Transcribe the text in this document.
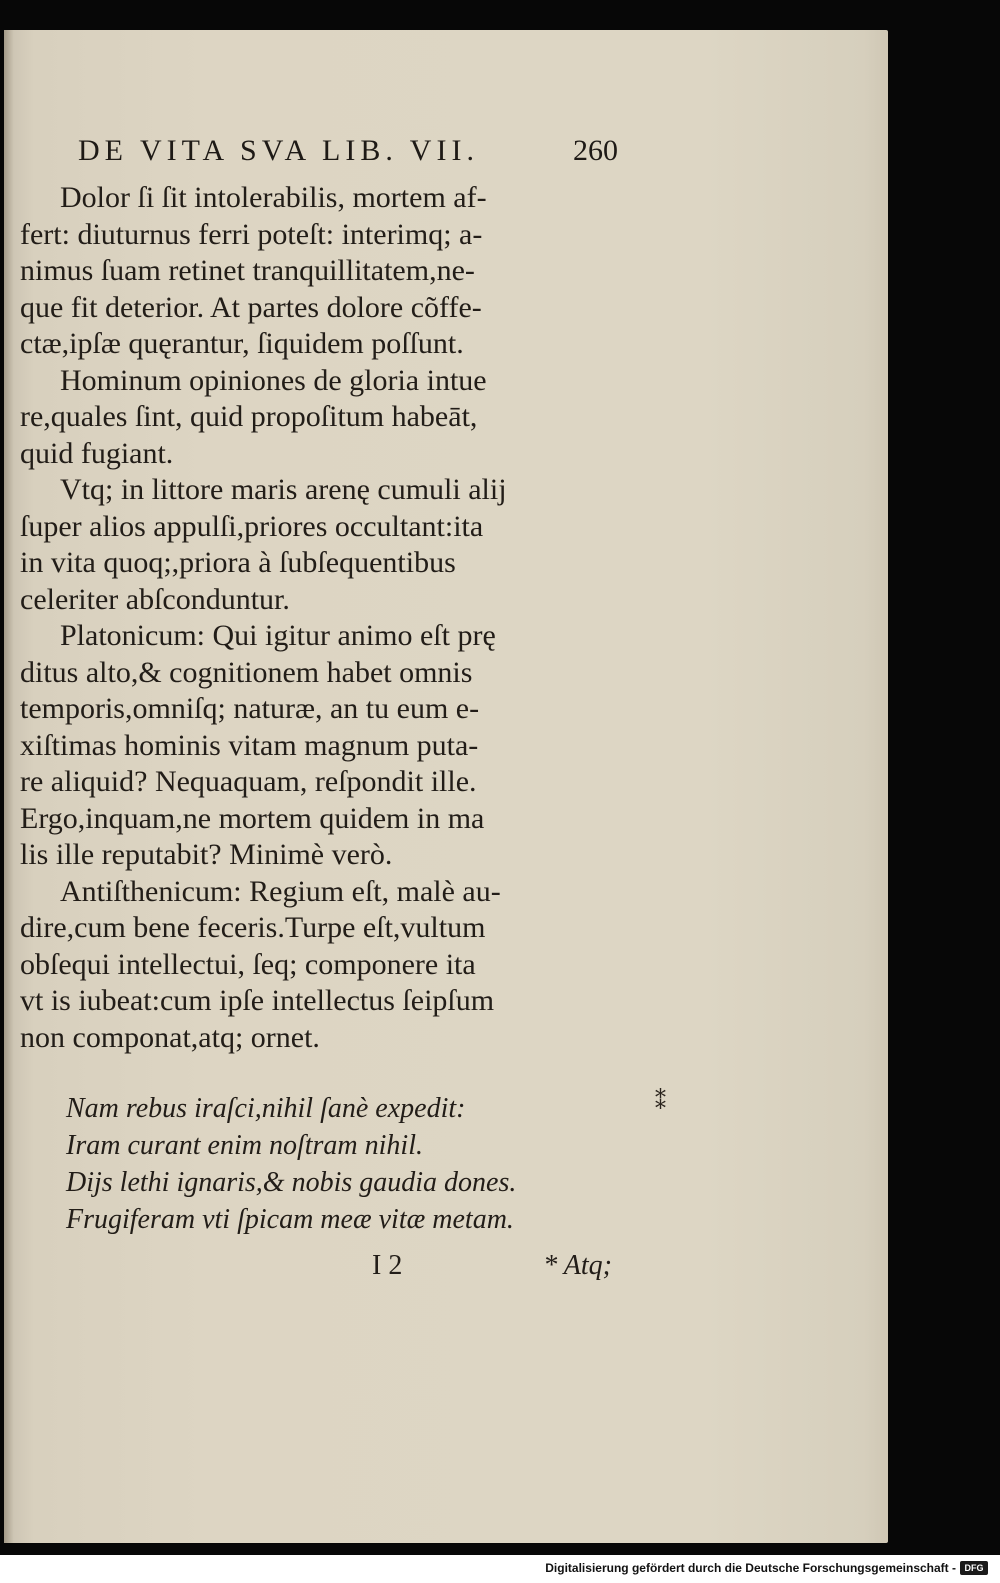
DE VITA SVA LIB. VII.	260
Dolor ſi ſit intolerabilis, mortem af-
fert: diuturnus ferri poteſt: interimq; a-
nimus ſuam retinet tranquillitatem,ne-
que fit deterior. At partes dolore cõffe-
ctæ,ipſæ quęrantur, ſiquidem poſſunt.
Hominum opiniones de gloria intue
re,quales ſint, quid propoſitum habeāt,
quid fugiant.
Vtq; in littore maris arenę cumuli alij
ſuper alios appulſi,priores occultant:ita
in vita quoq;,priora à ſubſequentibus
celeriter abſconduntur.
Platonicum: Qui igitur animo eſt prę
ditus alto,& cognitionem habet omnis
temporis,omniſq; naturæ, an tu eum e-
xiſtimas hominis vitam magnum puta-
re aliquid? Nequaquam, reſpondit ille.
Ergo,inquam,ne mortem quidem in ma
lis ille reputabit? Minimè verò.
Antiſthenicum: Regium eſt, malè au-
dire,cum bene feceris.Turpe eſt,vultum
obſequi intellectui, ſeq; componere ita
vt is iubeat:cum ipſe intellectus ſeipſum
non componat,atq; ornet.
⁑
Nam rebus iraſci,nihil ſanè expedit:
Iram curant enim noſtram nihil.
Dijs lethi ignaris,& nobis gaudia dones.
Frugiferam vti ſpicam meæ vitæ metam.
I 2	* Atq;
Digitalisierung gefördert durch die Deutsche Forschungsgemeinschaft - DFG
